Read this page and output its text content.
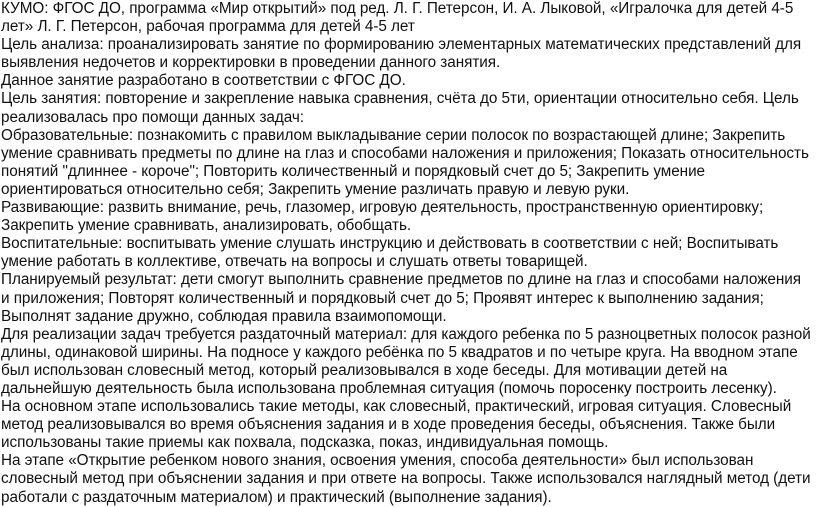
КУМО: ФГОС ДО, программа «Мир открытий» под ред. Л. Г. Петерсон, И. А. Лыковой, «Игралочка для детей 4-5 лет» Л. Г. Петерсон, рабочая программа для детей 4-5 лет

Цель анализа: проанализировать занятие по формированию элементарных математических представлений для выявления недочетов и корректировки в проведении данного занятия.

Данное занятие разработано в соответствии с ФГОС ДО.

Цель занятия: повторение и закрепление навыка сравнения, счёта до 5ти, ориентации относительно себя. Цель реализовалась про помощи данных задач:

Образовательные: познакомить с правилом выкладывание серии полосок по возрастающей длине; Закрепить умение сравнивать предметы по длине на глаз и способами наложения и приложения; Показать относительность понятий "длиннее - короче"; Повторить количественный и порядковый счет до 5; Закрепить умение ориентироваться относительно себя; Закрепить умение различать правую и левую руки.

Развивающие: развить внимание, речь, глазомер, игровую деятельность, пространственную ориентировку; Закрепить умение сравнивать, анализировать, обобщать.

Воспитательные: воспитывать умение слушать инструкцию и действовать в соответствии с ней; Воспитывать умение работать в коллективе, отвечать на вопросы и слушать ответы товарищей.

Планируемый результат: дети смогут выполнить сравнение предметов по длине на глаз и способами наложения и приложения; Повторят количественный и порядковый счет до 5; Проявят интерес к выполнению задания; Выполнят задание дружно, соблюдая правила взаимопомощи.

Для реализации задач требуется раздаточный материал: для каждого ребенка по 5 разноцветных полосок разной длины, одинаковой ширины. На подносе у каждого ребёнка по 5 квадратов и по четыре круга. На вводном этапе был использован словесный метод, который реализовывался в ходе беседы. Для мотивации детей на дальнейшую деятельность была использована проблемная ситуация (помочь поросенку построить лесенку).

На основном этапе использовались такие методы, как словесный, практический, игровая ситуация. Словесный метод реализовывался во время объяснения задания и в ходе проведения беседы, объяснения. Также были использованы такие приемы как похвала, подсказка, показ, индивидуальная помощь.

На этапе «Открытие ребенком нового знания, освоения умения, способа деятельности» был использован словесный метод при объяснении задания и при ответе на вопросы. Также использовался наглядный метод (дети работали с раздаточным материалом) и практический (выполнение задания).
